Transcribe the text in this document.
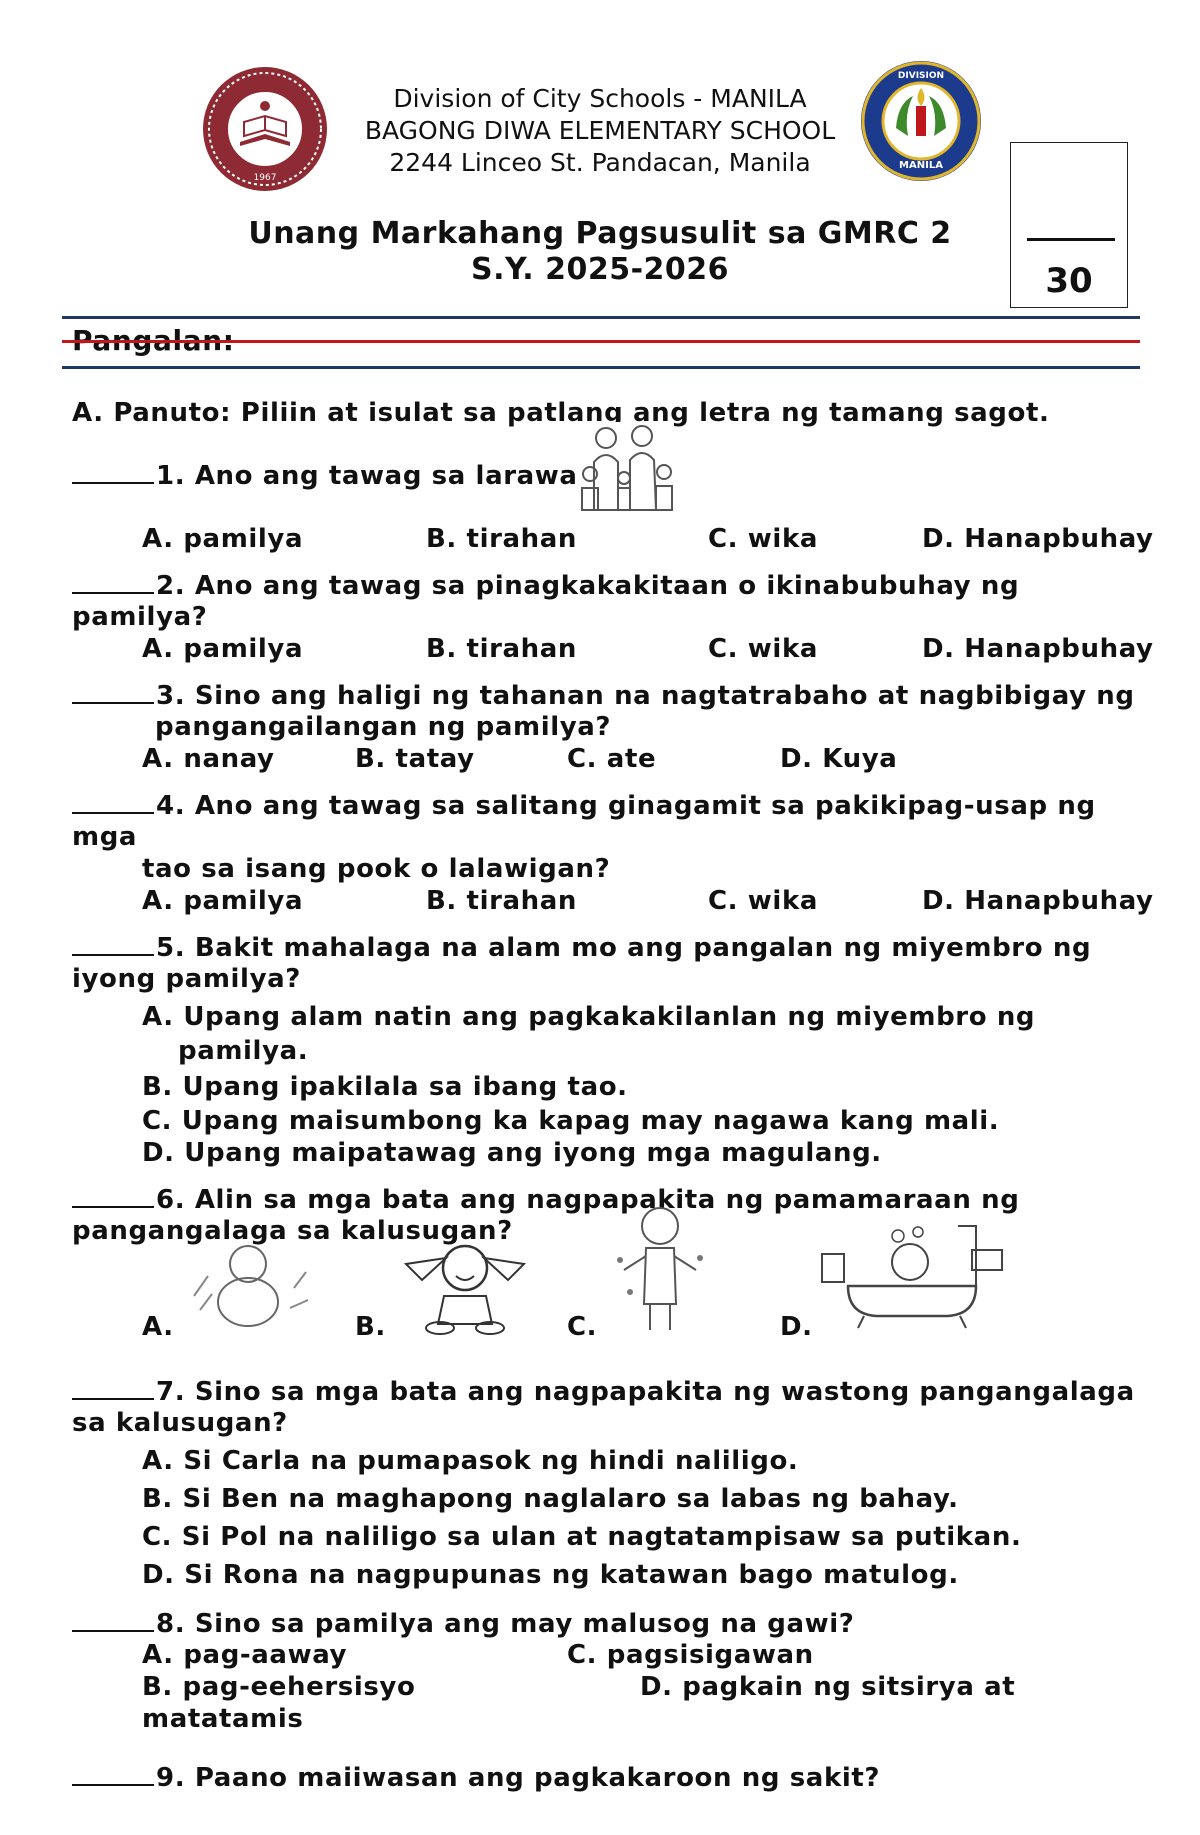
1967
MANILA
DIVISION
Division of City Schools - MANILA
BAGONG DIWA ELEMENTARY SCHOOL
2244 Linceo St. Pandacan, Manila
Unang Markahang Pagsusulit sa GMRC 2
S.Y. 2025-2026	30
Pangalan:
A. Panuto: Piliin at isulat sa patlang ang letra ng tamang sagot.
1. Ano ang tawag sa larawan?
A. pamilya	B. tirahan	C. wika	D. Hanapbuhay
2. Ano ang tawag sa pinagkakakitaan o ikinabubuhay ng
pamilya?
A. pamilya	B. tirahan	C. wika	D. Hanapbuhay
3. Sino ang haligi ng tahanan na nagtatrabaho at nagbibigay ng
pangangailangan ng pamilya?
A. nanay	B. tatay	C. ate	D. Kuya
4. Ano ang tawag sa salitang ginagamit sa pakikipag-usap ng
mga
tao sa isang pook o lalawigan?
A. pamilya	B. tirahan	C. wika	D. Hanapbuhay
5. Bakit mahalaga na alam mo ang pangalan ng miyembro ng
iyong pamilya?
A. Upang alam natin ang pagkakakilanlan ng miyembro ng
pamilya.
B. Upang ipakilala sa ibang tao.
C. Upang maisumbong ka kapag may nagawa kang mali.
D. Upang maipatawag ang iyong mga magulang.
6. Alin sa mga bata ang nagpapakita ng pamamaraan ng
pangangalaga sa kalusugan?
A.	B.	C.	D.
7. Sino sa mga bata ang nagpapakita ng wastong pangangalaga
sa kalusugan?
A. Si Carla na pumapasok ng hindi naliligo.
B. Si Ben na maghapong naglalaro sa labas ng bahay.
C. Si Pol na naliligo sa ulan at nagtatampisaw sa putikan.
D. Si Rona na nagpupunas ng katawan bago matulog.
8. Sino sa pamilya ang may malusog na gawi?
A. pag-aaway	C. pagsisigawan
B. pag-eehersisyo	D. pagkain ng sitsirya at
matatamis
9. Paano maiiwasan ang pagkakaroon ng sakit?
